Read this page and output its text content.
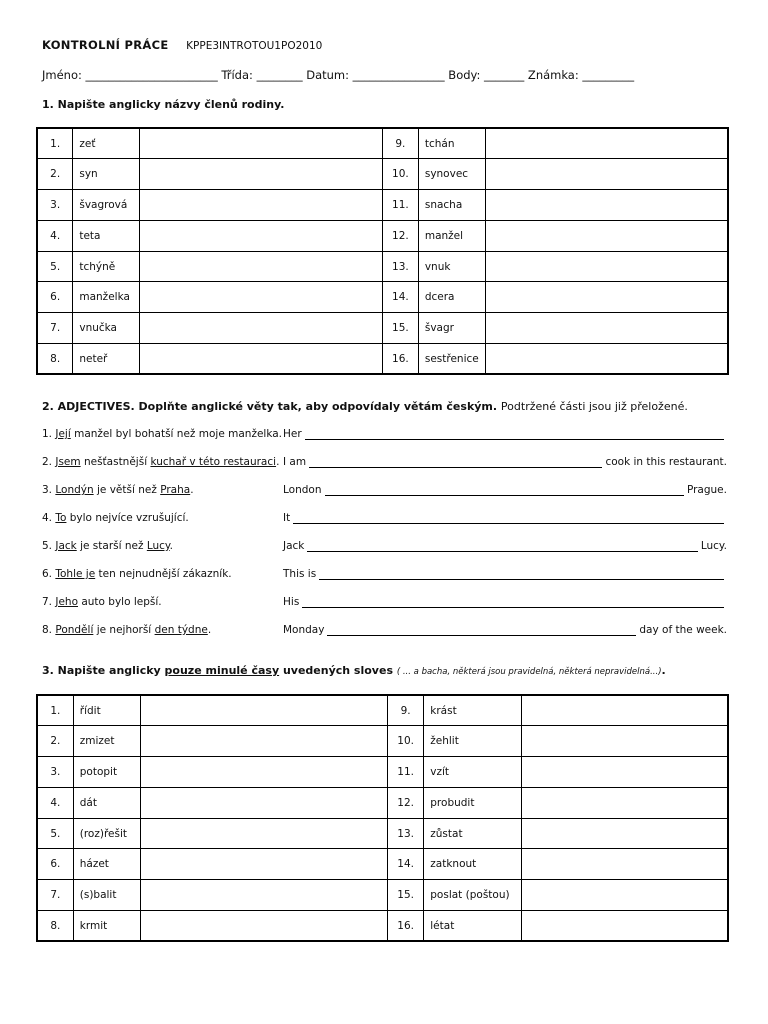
KONTROLNÍ PRÁCE KPPE3INTROTOU1PO2010
Jméno: _______________________ Třída: ________ Datum: ________________ Body: _______ Známka: _________
1. Napište anglicky názvy členů rodiny.
1.	zeť		9.	tchán	
2.	syn		10.	synovec	
3.	švagrová		11.	snacha	
4.	teta		12.	manžel	
5.	tchýně		13.	vnuk	
6.	manželka		14.	dcera	
7.	vnučka		15.	švagr	
8.	neteř		16.	sestřenice	
2. ADJECTIVES. Doplňte anglické věty tak, aby odpovídaly větám českým. Podtržené části jsou již přeložené.
1. Její manžel byl bohatší než moje manželka. Her
2. Jsem nešťastnější kuchař v této restauraci. I am	cook in this restaurant.
3. Londýn je větší než Praha.	London	Prague.
4. To bylo nejvíce vzrušující.	It
5. Jack je starší než Lucy.	Jack	Lucy.
6. Tohle je ten nejnudnější zákazník.	This is
7. Jeho auto bylo lepší.	His
8. Pondělí je nejhorší den týdne.	Monday	day of the week.
3. Napište anglicky pouze minulé časy uvedených sloves ( ... a bacha, některá jsou pravidelná, některá nepravidelná...).
1.	řídit		9.	krást	
2.	zmizet		10.	žehlit	
3.	potopit		11.	vzít	
4.	dát		12.	probudit	
5.	(roz)řešit		13.	zůstat	
6.	házet		14.	zatknout	
7.	(s)balit		15.	poslat (poštou)	
8.	krmit		16.	létat	
